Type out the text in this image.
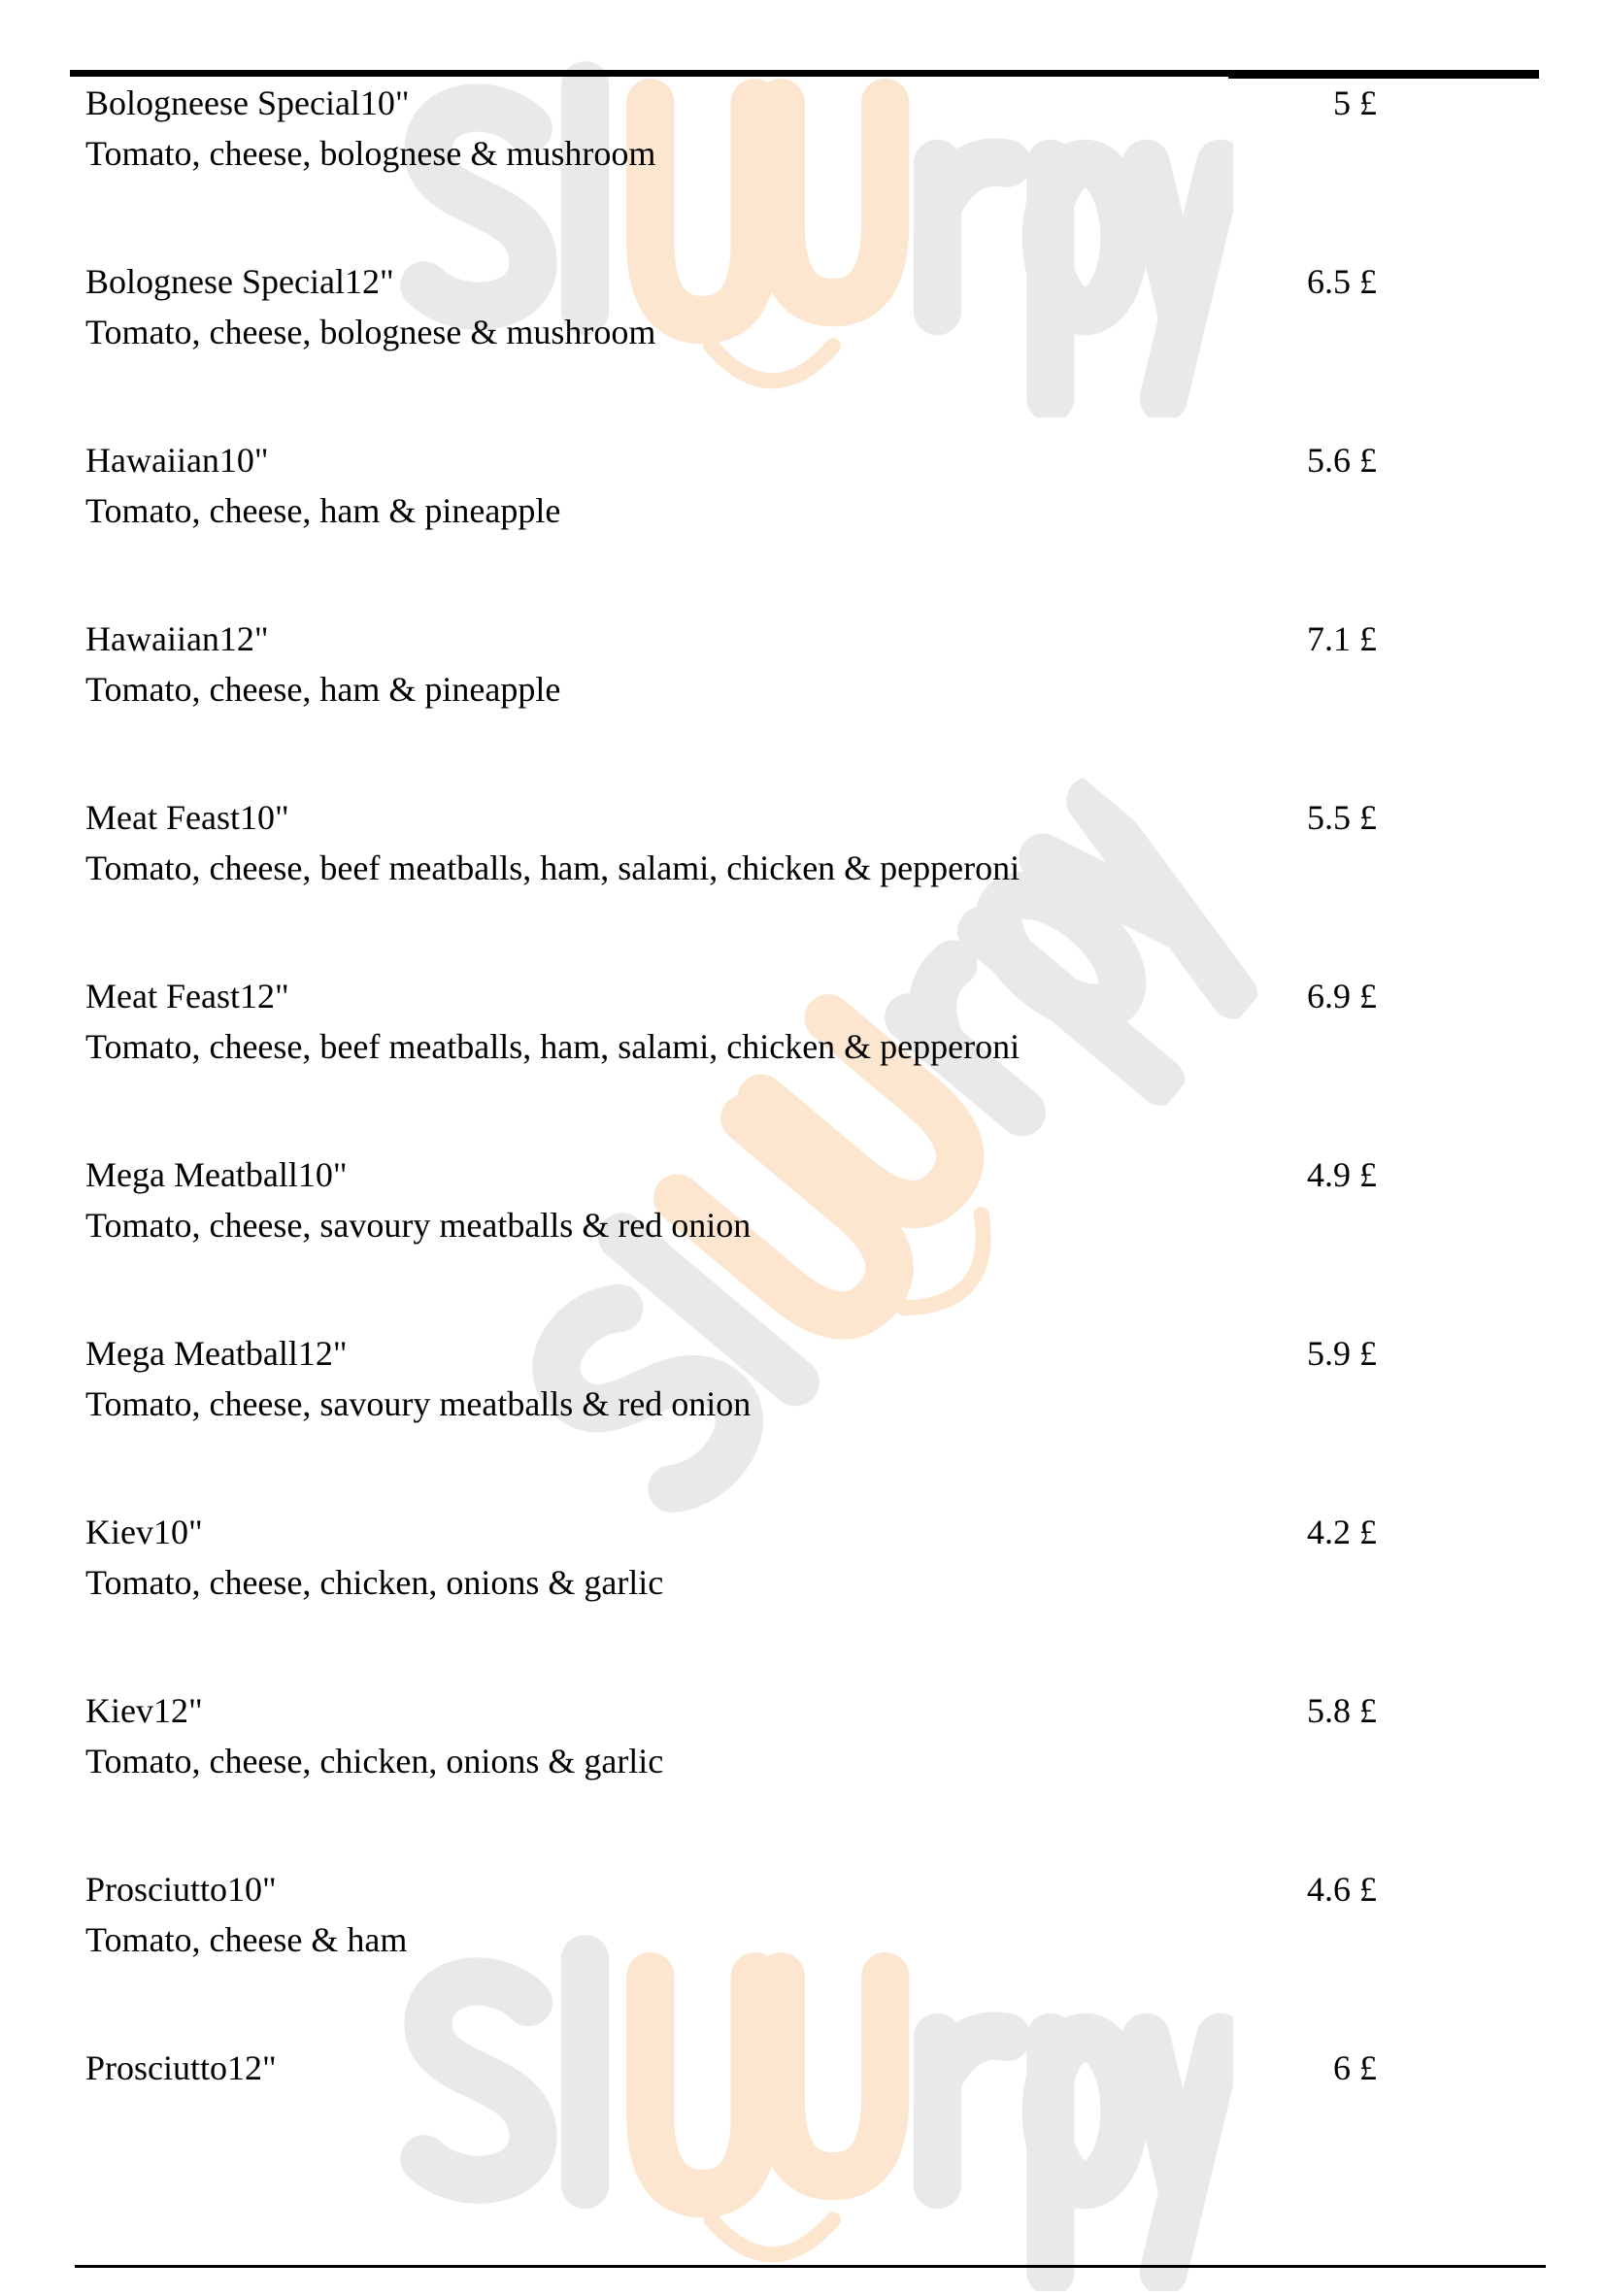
Bologneese Special10"	5 £
Tomato, cheese, bolognese & mushroom
Bolognese Special12"	6.5 £
Tomato, cheese, bolognese & mushroom
Hawaiian10"	5.6 £
Tomato, cheese, ham & pineapple
Hawaiian12"	7.1 £
Tomato, cheese, ham & pineapple
Meat Feast10"	5.5 £
Tomato, cheese, beef meatballs, ham, salami, chicken & pepperoni
Meat Feast12"	6.9 £
Tomato, cheese, beef meatballs, ham, salami, chicken & pepperoni
Mega Meatball10"	4.9 £
Tomato, cheese, savoury meatballs & red onion
Mega Meatball12"	5.9 £
Tomato, cheese, savoury meatballs & red onion
Kiev10"	4.2 £
Tomato, cheese, chicken, onions & garlic
Kiev12"	5.8 £
Tomato, cheese, chicken, onions & garlic
Prosciutto10"	4.6 £
Tomato, cheese & ham
Prosciutto12"	6 £
